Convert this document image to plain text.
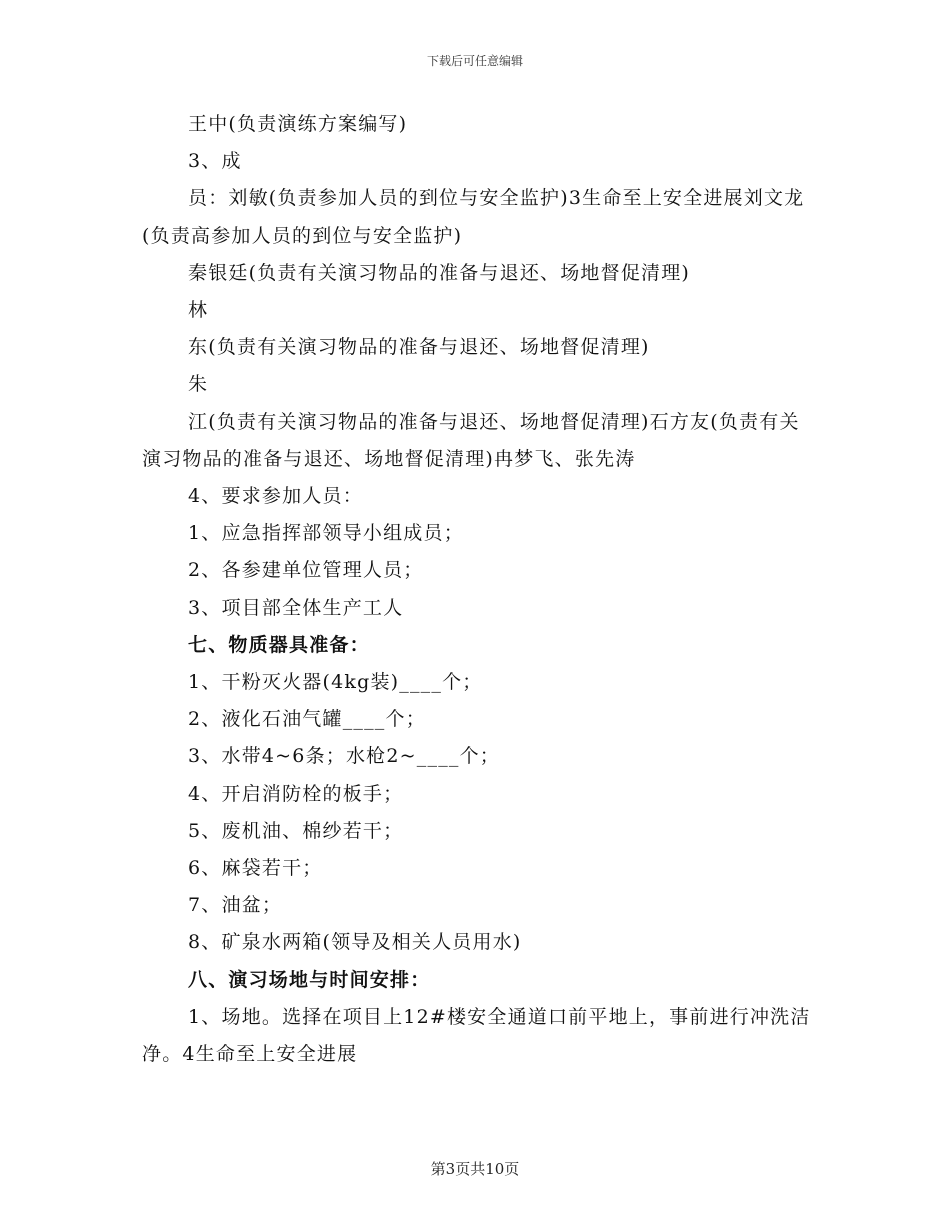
下载后可任意编辑

王中(负责演练方案编写)

3、成

员：刘敏(负责参加人员的到位与安全监护)3生命至上安全进展刘文龙(负责高参加人员的到位与安全监护)

秦银廷(负责有关演习物品的准备与退还、场地督促清理)

林

东(负责有关演习物品的准备与退还、场地督促清理)

朱

江(负责有关演习物品的准备与退还、场地督促清理)石方友(负责有关演习物品的准备与退还、场地督促清理)冉梦飞、张先涛

4、要求参加人员：

1、应急指挥部领导小组成员；

2、各参建单位管理人员；

3、项目部全体生产工人

七、物质器具准备：

1、干粉灭火器(4kg装)____个；

2、液化石油气罐____个；

3、水带4~6条；水枪2~____个；

4、开启消防栓的板手；

5、废机油、棉纱若干；

6、麻袋若干；

7、油盆；

8、矿泉水两箱(领导及相关人员用水)

八、演习场地与时间安排：

1、场地。选择在项目上12#楼安全通道口前平地上，事前进行冲洗洁净。4生命至上安全进展

第3页共10页
